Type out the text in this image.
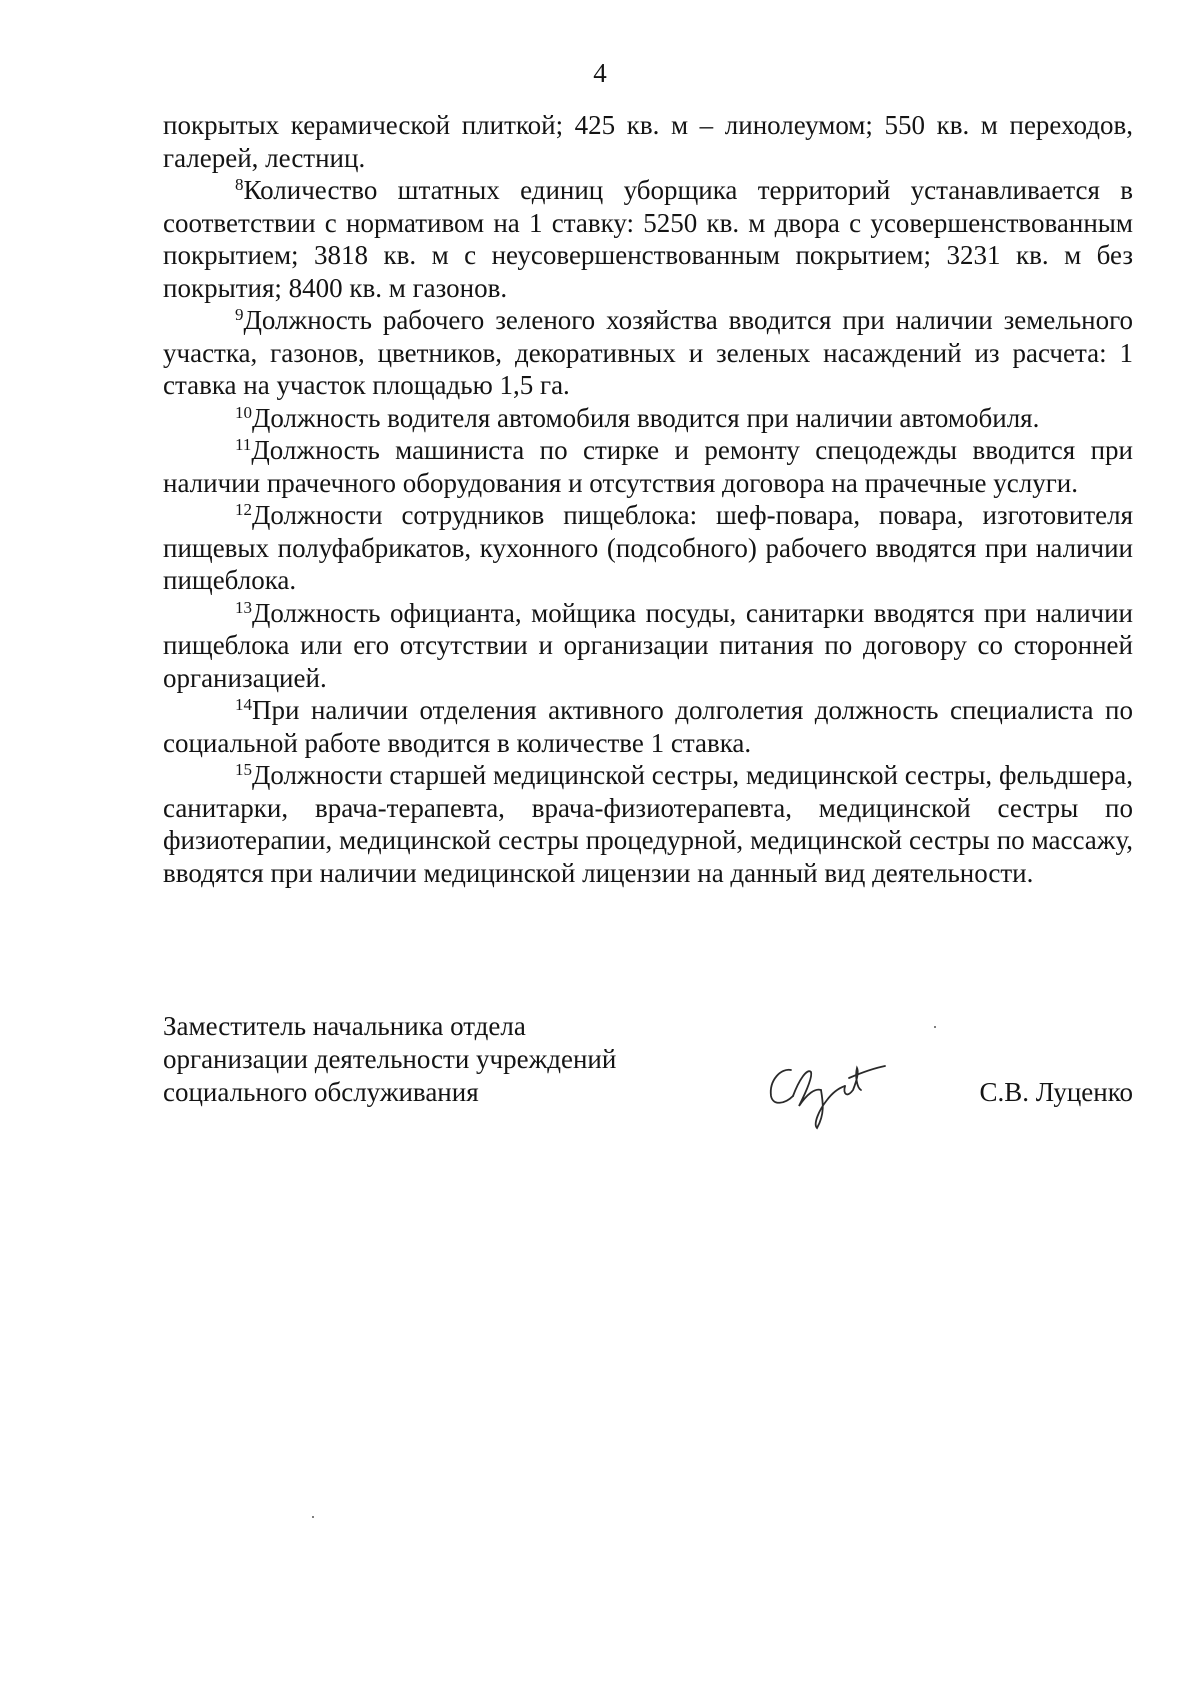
4

покрытых керамической плиткой; 425 кв. м – линолеумом; 550 кв. м переходов, галерей, лестниц.

$^8$Количество штатных единиц уборщика территорий устанавливается в соответствии с нормативом на 1 ставку: 5250 кв. м двора с усовершенствованным покрытием; 3818 кв. м с неусовершенствованным покрытием; 3231 кв. м без покрытия; 8400 кв. м газонов.

$^9$Должность рабочего зеленого хозяйства вводится при наличии земельного участка, газонов, цветников, декоративных и зеленых насаждений из расчета: 1 ставка на участок площадью 1,5 га.

$^{10}$Должность водителя автомобиля вводится при наличии автомобиля.

$^{11}$Должность машиниста по стирке и ремонту спецодежды вводится при наличии прачечного оборудования и отсутствия договора на прачечные услуги.

$^{12}$Должности сотрудников пищеблока: шеф-повара, повара, изготовителя пищевых полуфабрикатов, кухонного (подсобного) рабочего вводятся при наличии пищеблока.

$^{13}$Должность официанта, мойщика посуды, санитарки вводятся при наличии пищеблока или его отсутствии и организации питания по договору со сторонней организацией.

$^{14}$При наличии отделения активного долголетия должность специалиста по социальной работе вводится в количестве 1 ставка.

$^{15}$Должности старшей медицинской сестры, медицинской сестры, фельдшера, санитарки, врача-терапевта, врача-физиотерапевта, медицинской сестры по физиотерапии, медицинской сестры процедурной, медицинской сестры по массажу, вводятся при наличии медицинской лицензии на данный вид деятельности.

Заместитель начальника отдела
организации деятельности учреждений
социального обслуживания	С.В. Луценко
